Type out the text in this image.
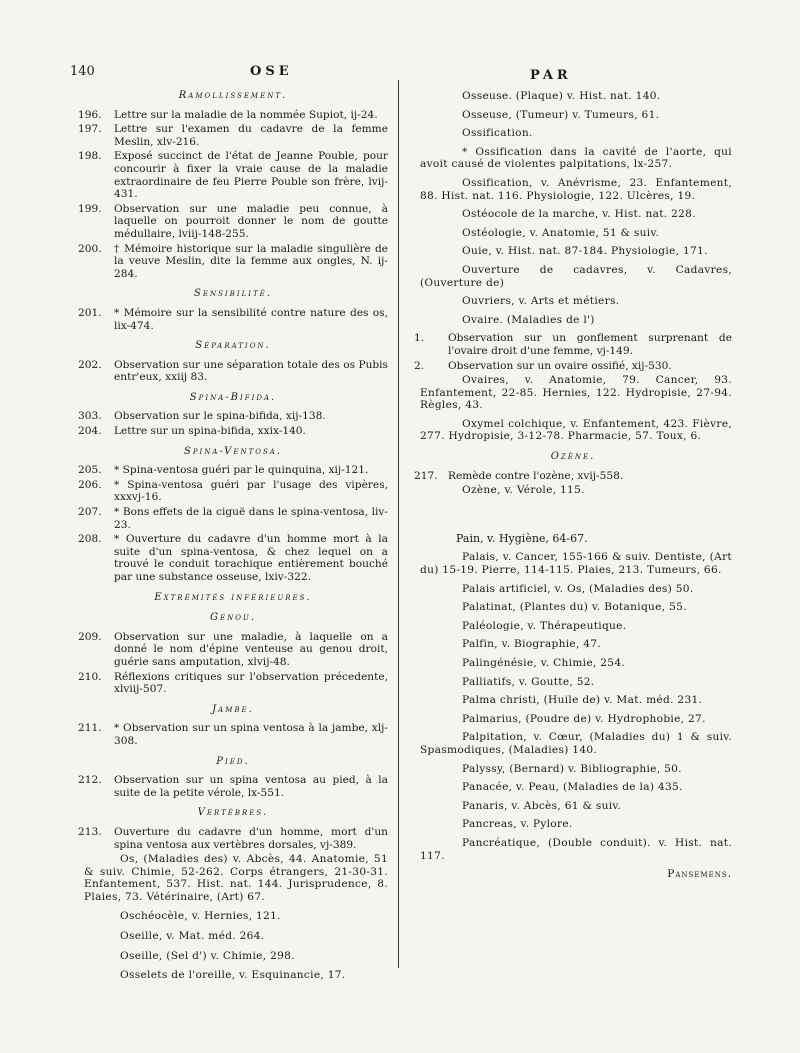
140	OSE	PAR
Ramollissement.
196.	Lettre sur la maladie de la nommée Supiot, ij-24.
197.	Lettre sur l'examen du cadavre de la femme Meslin, xlv-216.
198.	Exposé succinct de l'état de Jeanne Pouble, pour concourir à fixer la vraie cause de la maladie extraordinaire de feu Pierre Pouble son frère, lvij-431.
199.	Observation sur une maladie peu connue, à laquelle on pourroit donner le nom de goutte médullaire, lviij-148-255.
200.	† Mémoire historique sur la maladie singulière de la veuve Meslin, dite la femme aux ongles, N. ij-284.
Sensibilité.
201.	* Mémoire sur la sensibilité contre nature des os, lix-474.
Séparation.
202.	Observation sur une séparation totale des os Pubis entr'eux, xxiij 83.
Spina-Bifida.
303.	Observation sur le spina-bifida, xij-138.
204.	Lettre sur un spina-bifida, xxix-140.
Spina-Ventosa.
205.	* Spina-ventosa guéri par le quinquina, xij-121.
206.	* Spina-ventosa guéri par l'usage des vipères, xxxvj-16.
207.	* Bons effets de la ciguë dans le spina-ventosa, liv-23.
208.	* Ouverture du cadavre d'un homme mort à la suite d'un spina-ventosa, & chez lequel on a trouvé le conduit torachique entièrement bouché par une substance osseuse, lxiv-322.
Extrémités inférieures.
Genou.
209.	Observation sur une maladie, à laquelle on a donné le nom d'épine venteuse au genou droit, guérie sans amputation, xlvij-48.
210.	Réflexions critiques sur l'observation précedente, xlviij-507.
Jambe.
211.	* Observation sur un spina ventosa à la jambe, xlj-308.
Pied.
212.	Observation sur un spina ventosa au pied, à la suite de la petite vérole, lx-551.
Vertèbres.
213.	Ouverture du cadavre d'un homme, mort d'un spina ventosa aux vertèbres dorsales, vj-389.
Os, (Maladies des) v. Abcès, 44. Anatomie, 51 & suiv. Chimie, 52-262. Corps étrangers, 21-30-31. Enfantement, 537. Hist. nat. 144. Jurisprudence, 8. Plaies, 73. Vétérinaire, (Art) 67.
Oschéocèle, v. Hernies, 121.
Oseille, v. Mat. méd. 264.
Oseille, (Sel d') v. Chimie, 298.
Osselets de l'oreille, v. Esquinancie, 17.
Osseuse. (Plaque) v. Hist. nat. 140.
Osseuse, (Tumeur) v. Tumeurs, 61.
Ossification.
* Ossification dans la cavité de l'aorte, qui avoit causé de violentes palpitations, lx-257.
Ossification, v. Anévrisme, 23. Enfantement, 88. Hist. nat. 116. Physiologie, 122. Ulcères, 19.
Ostéocole de la marche, v. Hist. nat. 228.
Ostéologie, v. Anatomie, 51 & suiv.
Ouie, v. Hist. nat. 87-184. Physiologie, 171.
Ouverture de cadavres, v. Cadavres, (Ouverture de)
Ouvriers, v. Arts et métiers.
Ovaire. (Maladies de l')
1.	Observation sur un gonflement surprenant de l'ovaire droit d'une femme, vj-149.
2.	Observation sur un ovaire ossifié, xij-530.
Ovaires, v. Anatomie, 79. Cancer, 93. Enfantement, 22-85. Hernies, 122. Hydropisie, 27-94. Règles, 43.
Oxymel colchique, v. Enfantement, 423. Fièvre, 277. Hydropisie, 3-12-78. Pharmacie, 57. Toux, 6.
Ozène.
217. Remède contre l'ozène, xvij-558.
Ozène, v. Vérole, 115.
Pain, v. Hygiène, 64-67.
Palais, v. Cancer, 155-166 & suiv. Dentiste, (Art du) 15-19. Pierre, 114-115. Plaies, 213. Tumeurs, 66.
Palais artificiel, v. Os, (Maladies des) 50.
Palatinat, (Plantes du) v. Botanique, 55.
Paléologie, v. Thérapeutique.
Palfin, v. Biographie, 47.
Palingénésie, v. Chimie, 254.
Palliatifs, v. Goutte, 52.
Palma christi, (Huile de) v. Mat. méd. 231.
Palmarius, (Poudre de) v. Hydrophobie, 27.
Palpitation, v. Cœur, (Maladies du) 1 & suiv. Spasmodiques, (Maladies) 140.
Palyssy, (Bernard) v. Bibliographie, 50.
Panacée, v. Peau, (Maladies de la) 435.
Panaris, v. Abcès, 61 & suiv.
Pancreas, v. Pylore.
Pancréatique, (Double conduit). v. Hist. nat. 117.
Pansemens.
